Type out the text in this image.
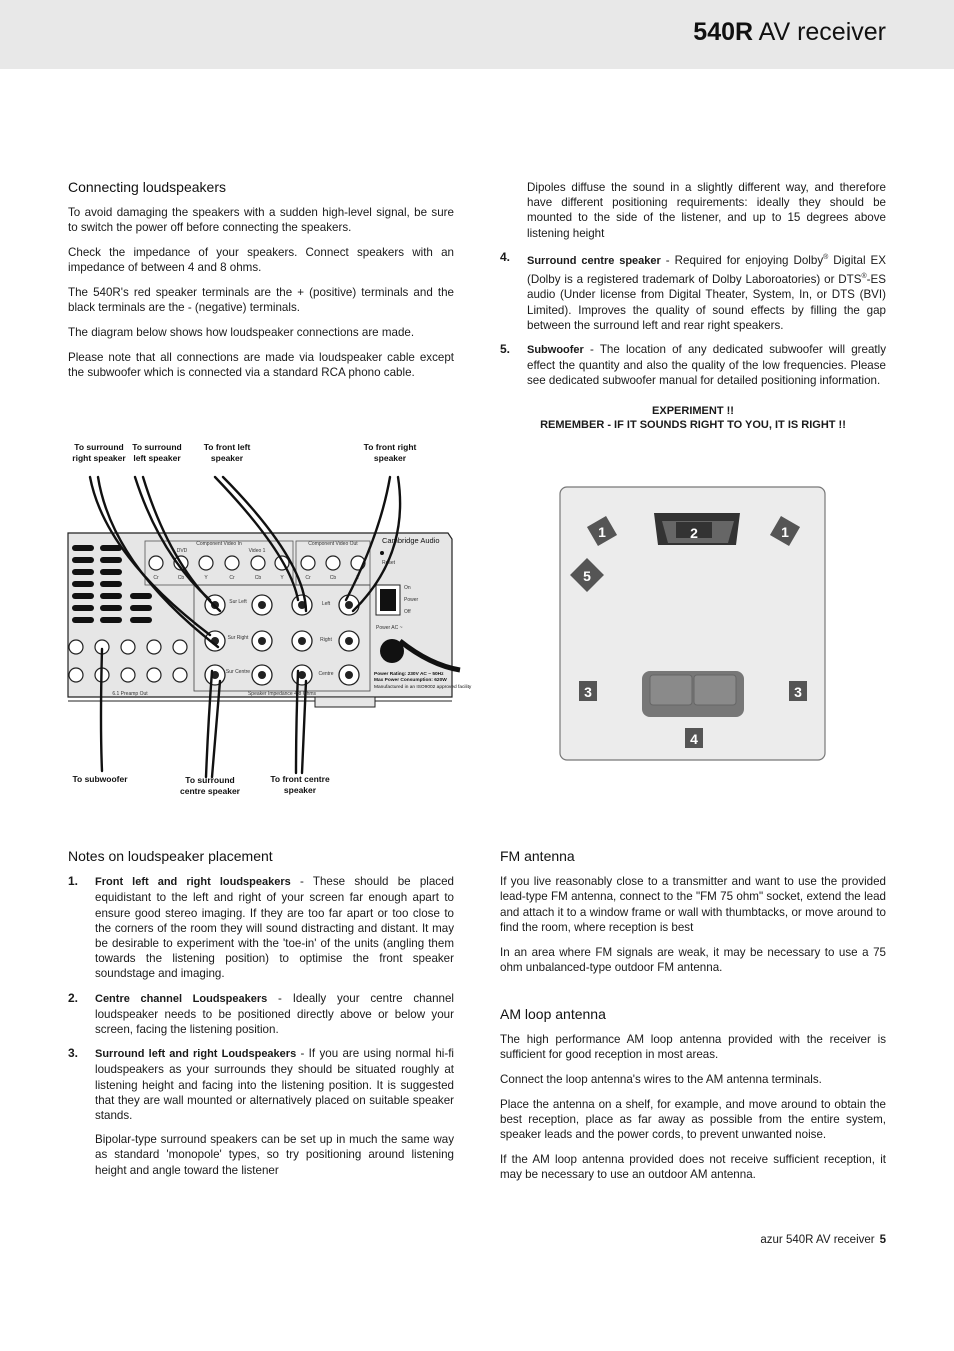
540R AV receiver
Connecting loudspeakers

To avoid damaging the speakers with a sudden high-level signal, be sure to switch the power off before connecting the speakers.

Check the impedance of your speakers. Connect speakers with an impedance of between 4 and 8 ohms.

The 540R's red speaker terminals are the + (positive) terminals and the black terminals are the - (negative) terminals.

The diagram below shows how loudspeaker connections are made.

Please note that all connections are made via loudspeaker cable except the subwoofer which is connected via a standard RCA phono cable.

Dipoles diffuse the sound in a slightly different way, and therefore have different positioning requirements: ideally they should be mounted to the side of the listener, and up to 15 degrees above listening height

4. Surround centre speaker - Required for enjoying Dolby® Digital EX (Dolby is a registered trademark of Dolby Laboroatories) or DTS®-ES audio (Under license from Digital Theater, System, In, or DTS (BVI) Limited). Improves the quality of sound effects by filling the gap between the surround left and rear right speakers.
5. Subwoofer - The location of any dedicated subwoofer will greatly effect the quantity and also the quality of the low frequencies. Please see dedicated subwoofer manual for detailed positioning information.
EXPERIMENT !!
REMEMBER - IF IT SOUNDS RIGHT TO YOU, IT IS RIGHT !!
To surround
right speaker
To surround
left speaker
To front left
speaker
To front right
speaker
Component Video In	Component Video Out
DVD	Video 1
Cr	Cb	Y	Cr	Cb	Y	Cr	Cb	Y
Cambridge Audio
Reset
On
Power
Off
Power AC ~
Power Rating: 230V AC ~ 50Hz
Max Power Consumption: 620W
Manufactured in an ISO9002 approved facility
Sur Left
Sur Right
Sur Centre
Left
Right
Centre
Speaker Impedance 4-8 Ohms
6.1 Preamp Out
To subwoofer	To surround
centre speaker
To front centre
speaker
2
1	1
5
3	3
4
Notes on loudspeaker placement
1. Front left and right loudspeakers - These should be placed equidistant to the left and right of your screen far enough apart to ensure good stereo imaging. If they are too far apart or too close to the corners of the room they will sound distracting and distant. It may be desirable to experiment with the 'toe-in' of the units (angling them towards the listening position) to optimise the front speaker soundstage and imaging.
2. Centre channel Loudspeakers - Ideally your centre channel loudspeaker needs to be positioned directly above or below your screen, facing the listening position.
3. Surround left and right Loudspeakers - If you are using normal hi-fi loudspeakers as your surrounds they should be situated roughly at listening height and facing into the listening position. It is suggested that they are wall mounted or alternatively placed on suitable speaker stands.

Bipolar-type surround speakers can be set up in much the same way as standard 'monopole' types, so try positioning around listening height and angle toward the listener

FM antenna

If you live reasonably close to a transmitter and want to use the provided lead-type FM antenna, connect to the "FM 75 ohm" socket, extend the lead and attach it to a window frame or wall with thumbtacks, or move around to find the room, where reception is best

In an area where FM signals are weak, it may be necessary to use a 75 ohm unbalanced-type outdoor FM antenna.

AM loop antenna

The high performance AM loop antenna provided with the receiver is sufficient for good reception in most areas.

Connect the loop antenna's wires to the AM antenna terminals.

Place the antenna on a shelf, for example, and move around to obtain the best reception, place as far away as possible from the entire system, speaker leads and the power cords, to prevent unwanted noise.

If the AM loop antenna provided does not receive sufficient reception, it may be necessary to use an outdoor AM antenna.

azur 540R AV receiver 5
